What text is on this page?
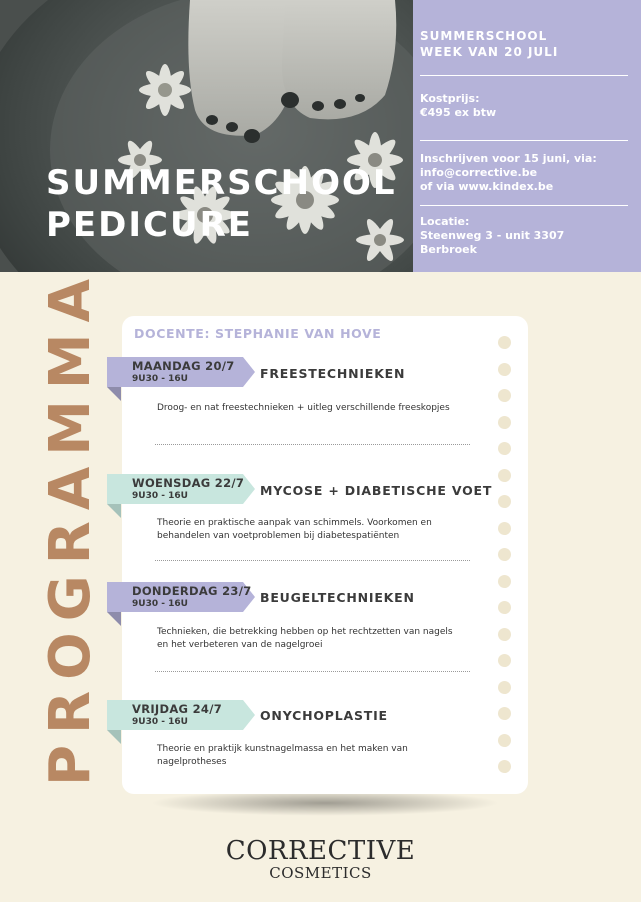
SUMMERSCHOOL
PEDICURE
SUMMERSCHOOL
WEEK VAN 20 JULI
Kostprijs:
€495 ex btw
Inschrijven voor 15 juni, via:
info@corrective.be
of via www.kindex.be
Locatie:
Steenweg 3 - unit 3307
Berbroek
PROGRAMMA DOCENTE: STEPHANIE VAN HOVE
MAANDAG 20/7
9U30 - 16U	FREESTECHNIEKEN
Droog- en nat freestechnieken + uitleg verschillende freeskopjes
WOENSDAG 22/7
9U30 - 16U	MYCOSE + DIABETISCHE VOET
Theorie en praktische aanpak van schimmels. Voorkomen en
behandelen van voetproblemen bij diabetespatiënten
DONDERDAG 23/7
9U30 - 16U	BEUGELTECHNIEKEN
Technieken, die betrekking hebben op het rechtzetten van nagels
en het verbeteren van de nagelgroei
VRIJDAG 24/7
9U30 - 16U	ONYCHOPLASTIE
Theorie en praktijk kunstnagelmassa en het maken van
nagelprotheses
CORRECTIVE
COSMETICS
